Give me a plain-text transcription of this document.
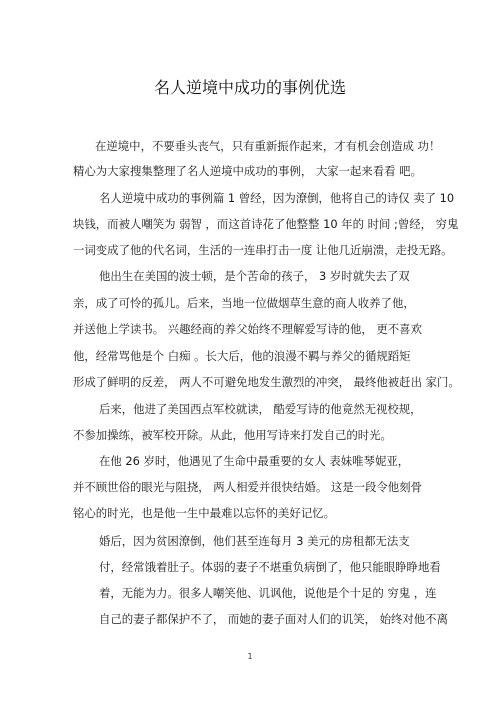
名人逆境中成功的事例优选
在逆境中，不要垂头丧气，只有重新振作起来，才有机会创造成 功！
精心为大家搜集整理了名人逆境中成功的事例， 大家一起来看看 吧。
名人逆境中成功的事例篇 1 曾经，因为潦倒，他将自己的诗仅 卖了 10
块钱，而被人嘲笑为 弱智 ，而这首诗花了他整整 10 年的 时间 ;曾经， 穷鬼
一词变成了他的代名词，生活的一连串打击一度 让他几近崩溃，走投无路。
他出生在美国的波士顿，是个苦命的孩子， 3 岁时就失去了双
亲，成了可怜的孤儿。后来，当地一位做烟草生意的商人收养了他，
并送他上学读书。 兴趣经商的养父始终不理解爱写诗的他， 更不喜欢
他，经常骂他是个 白痴 。长大后，他的浪漫不羁与养父的循规蹈矩
形成了鲜明的反差， 两人不可避免地发生激烈的冲突， 最终他被赶出 家门。
后来，他进了美国西点军校就读， 酷爱写诗的他竟然无视校规，
不参加操练，被军校开除。从此，他用写诗来打发自己的时光。
在他 26 岁时，他遇见了生命中最重要的女人 表妹唯琴妮亚，
并不顾世俗的眼光与阻挠， 两人相爱并很快结婚。 这是一段令他刻骨
铭心的时光，也是他一生中最难以忘怀的美好记忆。
婚后，因为贫困潦倒，他们甚至连每月 3 美元的房租都无法支
付，经常饿着肚子。体弱的妻子不堪重负病倒了，他只能眼睁睁地看
着，无能为力。很多人嘲笑他、讥讽他，说他是个十足的 穷鬼 ，连
自己的妻子都保护不了， 而她的妻子面对人们的讥笑， 始终对他不离
1
